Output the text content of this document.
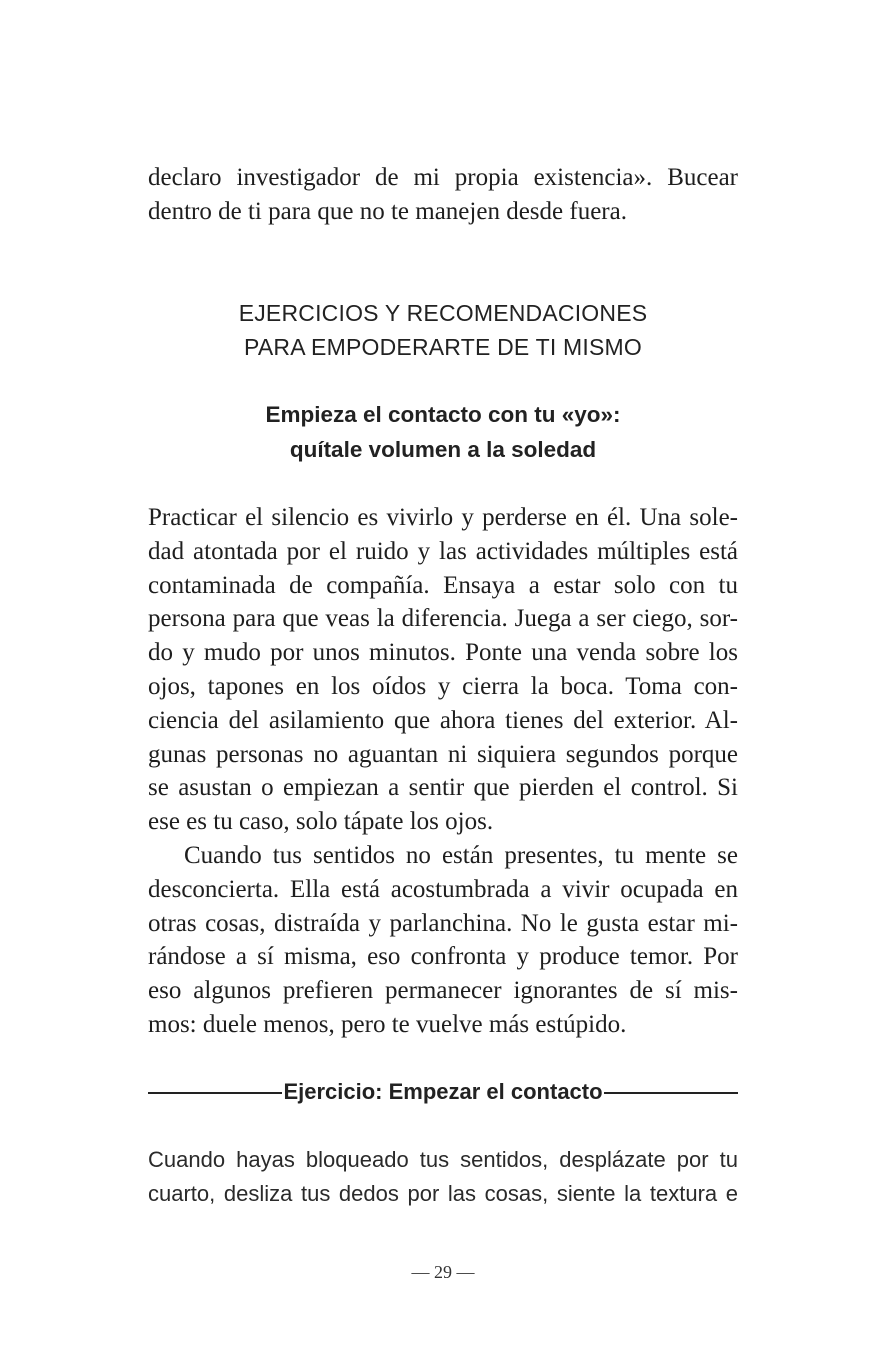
declaro investigador de mi propia existencia». Bucear
dentro de ti para que no te manejen desde fuera.
EJERCICIOS Y RECOMENDACIONES
PARA EMPODERARTE DE TI MISMO
Empieza el contacto con tu «yo»:
quítale volumen a la soledad
Practicar el silencio es vivirlo y perderse en él. Una sole-
dad atontada por el ruido y las actividades múltiples está
contaminada de compañía. Ensaya a estar solo con tu
persona para que veas la diferencia. Juega a ser ciego, sor-
do y mudo por unos minutos. Ponte una venda sobre los
ojos, tapones en los oídos y cierra la boca. Toma con-
ciencia del asilamiento que ahora tienes del exterior. Al-
gunas personas no aguantan ni siquiera segundos porque
se asustan o empiezan a sentir que pierden el control. Si
ese es tu caso, solo tápate los ojos.
Cuando tus sentidos no están presentes, tu mente se
desconcierta. Ella está acostumbrada a vivir ocupada en
otras cosas, distraída y parlanchina. No le gusta estar mi-
rándose a sí misma, eso confronta y produce temor. Por
eso algunos prefieren permanecer ignorantes de sí mis-
mos: duele menos, pero te vuelve más estúpido.
Ejercicio: Empezar el contacto
Cuando hayas bloqueado tus sentidos, desplázate por tu
cuarto, desliza tus dedos por las cosas, siente la textura e
— 29 —
